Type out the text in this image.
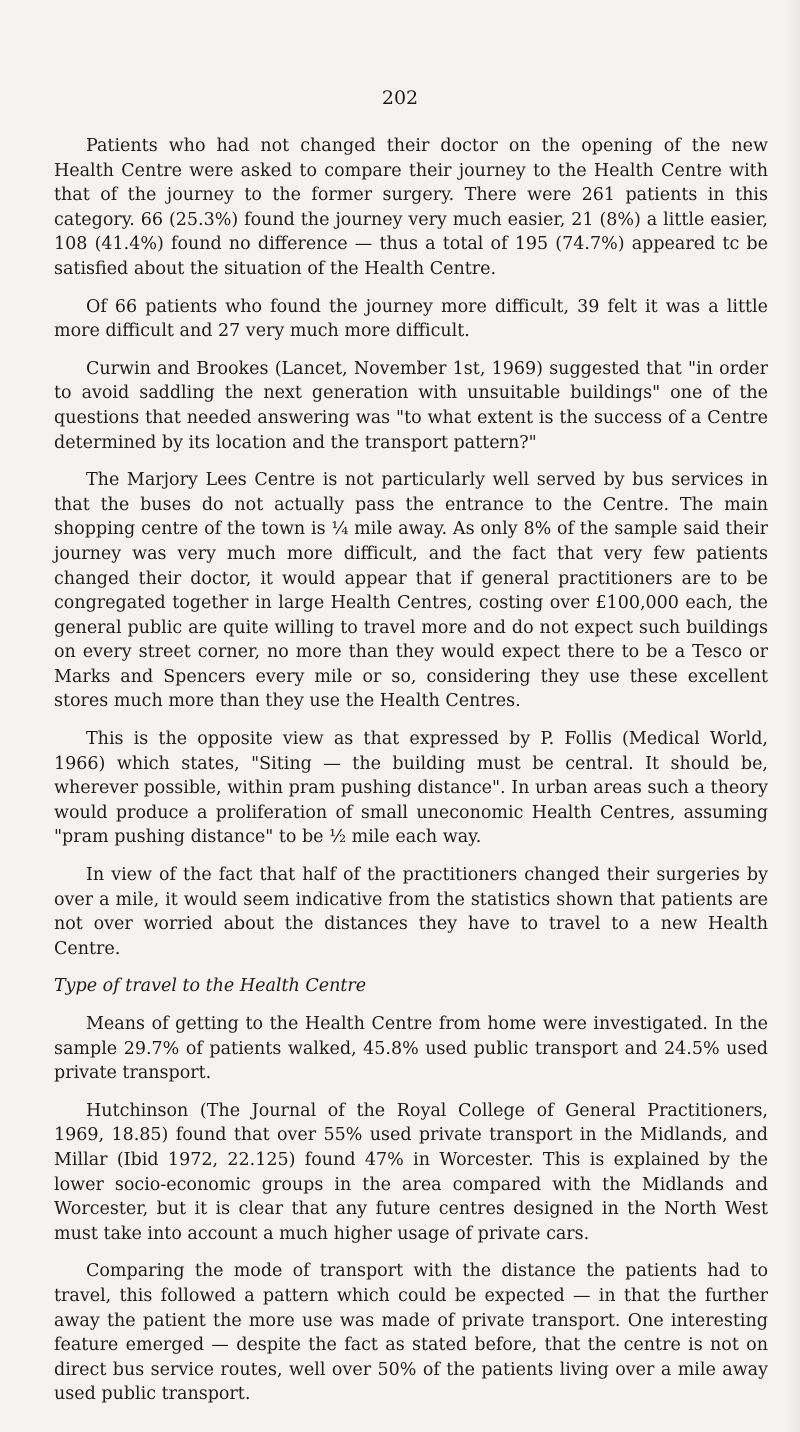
202

Patients who had not changed their doctor on the opening of the new Health Centre were asked to compare their journey to the Health Centre with that of the journey to the former surgery. There were 261 patients in this category. 66 (25.3%) found the journey very much easier, 21 (8%) a little easier, 108 (41.4%) found no difference — thus a total of 195 (74.7%) appeared tc be satisfied about the situation of the Health Centre.

Of 66 patients who found the journey more difficult, 39 felt it was a little more difficult and 27 very much more difficult.

Curwin and Brookes (Lancet, November 1st, 1969) suggested that "in order to avoid saddling the next generation with unsuitable buildings" one of the questions that needed answering was "to what extent is the success of a Centre determined by its location and the transport pattern?"

The Marjory Lees Centre is not particularly well served by bus services in that the buses do not actually pass the entrance to the Centre. The main shopping centre of the town is ¼ mile away. As only 8% of the sample said their journey was very much more difficult, and the fact that very few patients changed their doctor, it would appear that if general practitioners are to be congregated together in large Health Centres, costing over £100,000 each, the general public are quite willing to travel more and do not expect such buildings on every street corner, no more than they would expect there to be a Tesco or Marks and Spencers every mile or so, considering they use these excellent stores much more than they use the Health Centres.

This is the opposite view as that expressed by P. Follis (Medical World, 1966) which states, "Siting — the building must be central. It should be, wherever possible, within pram pushing distance". In urban areas such a theory would produce a proliferation of small uneconomic Health Centres, assuming "pram pushing distance" to be ½ mile each way.

In view of the fact that half of the practitioners changed their surgeries by over a mile, it would seem indicative from the statistics shown that patients are not over worried about the distances they have to travel to a new Health Centre.

Type of travel to the Health Centre

Means of getting to the Health Centre from home were investigated. In the sample 29.7% of patients walked, 45.8% used public transport and 24.5% used private transport.

Hutchinson (The Journal of the Royal College of General Practitioners, 1969, 18.85) found that over 55% used private transport in the Midlands, and Millar (Ibid 1972, 22.125) found 47% in Worcester. This is explained by the lower socio-economic groups in the area compared with the Midlands and Worcester, but it is clear that any future centres designed in the North West must take into account a much higher usage of private cars.

Comparing the mode of transport with the distance the patients had to travel, this followed a pattern which could be expected — in that the further away the patient the more use was made of private transport. One interesting feature emerged — despite the fact as stated before, that the centre is not on direct bus service routes, well over 50% of the patients living over a mile away used public transport.
